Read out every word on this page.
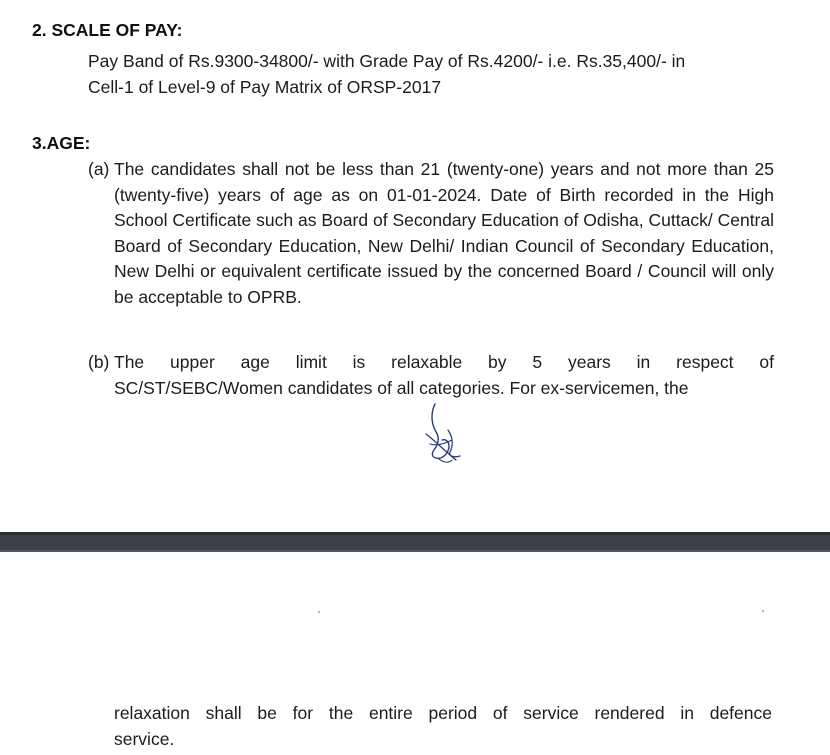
2. SCALE OF PAY:
Pay Band of Rs.9300-34800/- with Grade Pay of Rs.4200/- i.e. Rs.35,400/- in
Cell-1 of Level-9 of Pay Matrix of ORSP-2017
3.AGE:
(a) The candidates shall not be less than 21 (twenty-one) years and not more than 25 (twenty-five) years of age as on 01-01-2024. Date of Birth recorded in the High School Certificate such as Board of Secondary Education of Odisha, Cuttack/ Central Board of Secondary Education, New Delhi/ Indian Council of Secondary Education, New Delhi or equivalent certificate issued by the concerned Board / Council will only be acceptable to OPRB.
(b) The upper age limit is relaxable by 5 years in respect of
SC/ST/SEBC/Women candidates of all categories. For ex-servicemen, the
relaxation shall be for the entire period of service rendered in defence
service.
